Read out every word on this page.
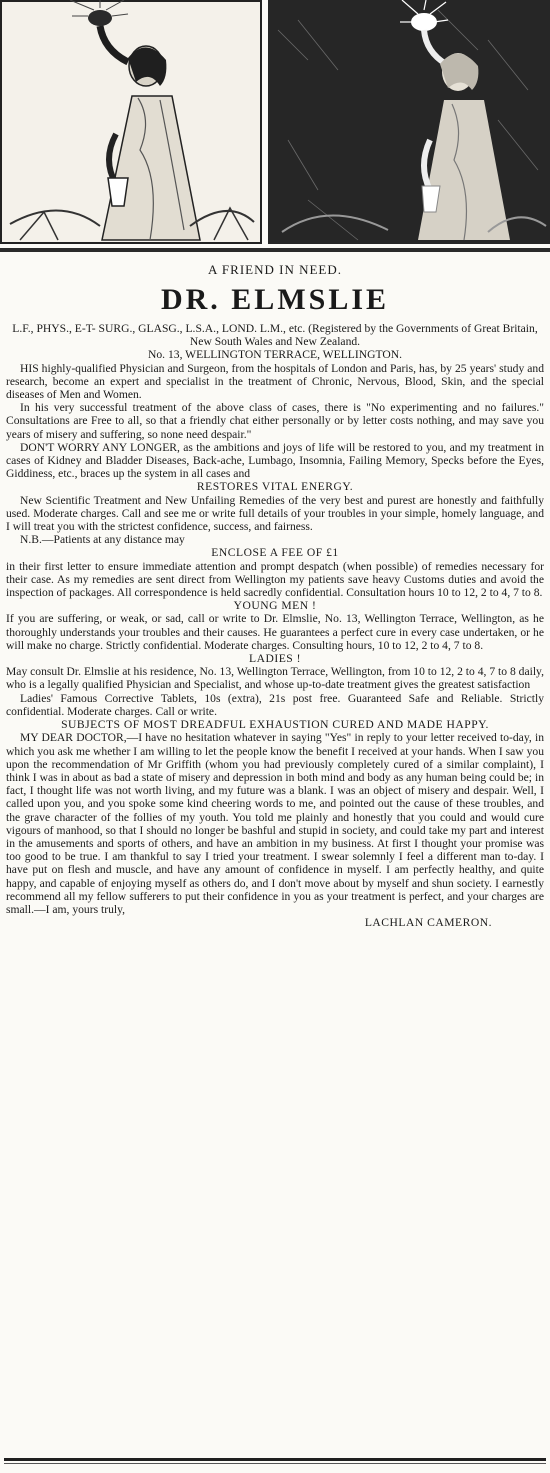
A FRIEND IN NEED.
DR. ELMSLIE

L.F., PHYS., E-T- SURG., GLASG., L.S.A., LOND. L.M., etc. (Registered by the Governments of Great Britain, New South Wales and New Zealand.

No. 13, WELLINGTON TERRACE, WELLINGTON.

HIS highly-qualified Physician and Surgeon, from the hospitals of London and Paris, has, by 25 years' study and research, become an expert and specialist in the treatment of Chronic, Nervous, Blood, Skin, and the special diseases of Men and Women.

In his very successful treatment of the above class of cases, there is "No experimenting and no failures." Consultations are Free to all, so that a friendly chat either personally or by letter costs nothing, and may save you years of misery and suffering, so none need despair."

DON'T WORRY ANY LONGER, as the ambitions and joys of life will be restored to you, and my treatment in cases of Kidney and Bladder Diseases, Back-ache, Lumbago, Insomnia, Failing Memory, Specks before the Eyes, Giddiness, etc., braces up the system in all cases and

RESTORES VITAL ENERGY.

New Scientific Treatment and New Unfailing Remedies of the very best and purest are honestly and faithfully used. Moderate charges. Call and see me or write full details of your troubles in your simple, homely language, and I will treat you with the strictest confidence, success, and fairness.

N.B.—Patients at any distance may

ENCLOSE A FEE OF £1

in their first letter to ensure immediate attention and prompt despatch (when possible) of remedies necessary for their case. As my remedies are sent direct from Wellington my patients save heavy Customs duties and avoid the inspection of packages. All correspondence is held sacredly confidential. Consultation hours 10 to 12, 2 to 4, 7 to 8.

YOUNG MEN !

If you are suffering, or weak, or sad, call or write to Dr. Elmslie, No. 13, Wellington Terrace, Wellington, as he thoroughly understands your troubles and their causes. He guarantees a perfect cure in every case undertaken, or he will make no charge. Strictly confidential. Moderate charges. Consulting hours, 10 to 12, 2 to 4, 7 to 8.

LADIES !

May consult Dr. Elmslie at his residence, No. 13, Wellington Terrace, Wellington, from 10 to 12, 2 to 4, 7 to 8 daily, who is a legally qualified Physician and Specialist, and whose up-to-date treatment gives the greatest satisfaction

Ladies' Famous Corrective Tablets, 10s (extra), 21s post free. Guaranteed Safe and Reliable. Strictly confidential. Moderate charges. Call or write.

SUBJECTS OF MOST DREADFUL EXHAUSTION CURED AND MADE HAPPY.

MY DEAR DOCTOR,—I have no hesitation whatever in saying "Yes" in reply to your letter received to-day, in which you ask me whether I am willing to let the people know the benefit I received at your hands. When I saw you upon the recommendation of Mr Griffith (whom you had previously completely cured of a similar complaint), I think I was in about as bad a state of misery and depression in both mind and body as any human being could be; in fact, I thought life was not worth living, and my future was a blank. I was an object of misery and despair. Well, I called upon you, and you spoke some kind cheering words to me, and pointed out the cause of these troubles, and the grave character of the follies of my youth. You told me plainly and honestly that you could and would cure vigours of manhood, so that I should no longer be bashful and stupid in society, and could take my part and interest in the amusements and sports of others, and have an ambition in my business. At first I thought your promise was too good to be true. I am thankful to say I tried your treatment. I swear solemnly I feel a different man to-day. I have put on flesh and muscle, and have any amount of confidence in myself. I am perfectly healthy, and quite happy, and capable of enjoying myself as others do, and I don't move about by myself and shun society. I earnestly recommend all my fellow sufferers to put their confidence in you as your treatment is perfect, and your charges are small.—I am, yours truly,

LACHLAN CAMERON.
